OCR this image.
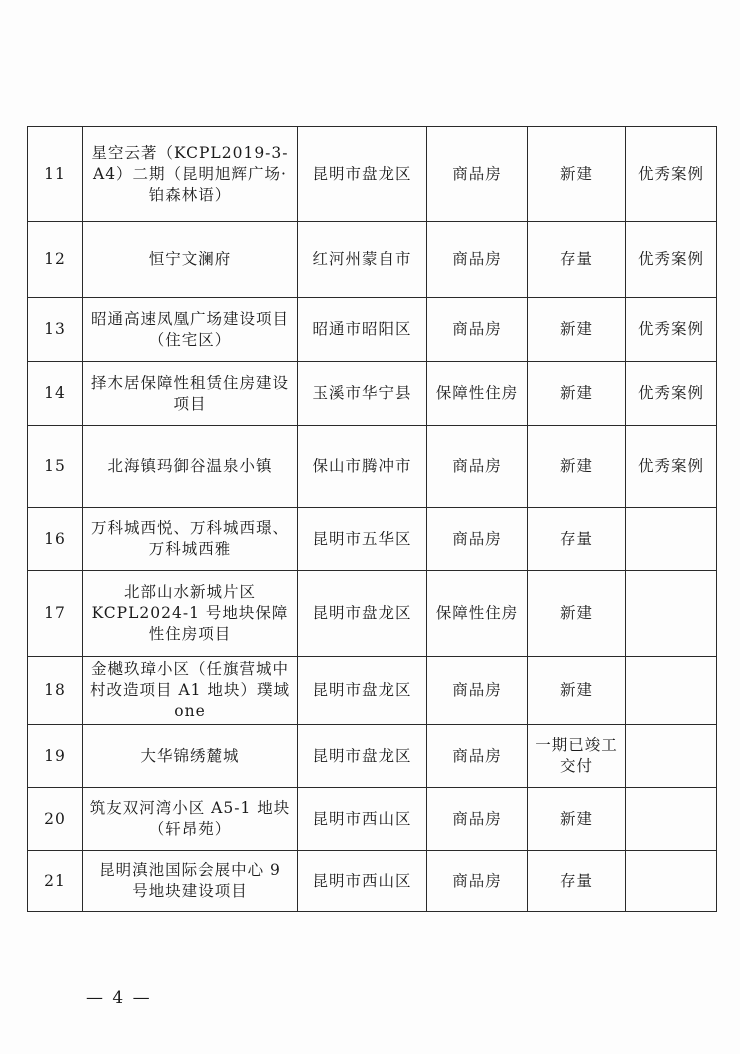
11	星空云著（KCPL2019-3-A4）二期（昆明旭辉广场·铂森林语）	昆明市盘龙区	商品房	新建	优秀案例
12	恒宁文澜府	红河州蒙自市	商品房	存量	优秀案例
13	昭通高速凤凰广场建设项目（住宅区）	昭通市昭阳区	商品房	新建	优秀案例
14	择木居保障性租赁住房建设项目	玉溪市华宁县	保障性住房	新建	优秀案例
15	北海镇玛御谷温泉小镇	保山市腾冲市	商品房	新建	优秀案例
16	万科城西悦、万科城西璟、万科城西雅	昆明市五华区	商品房	存量	
17	北部山水新城片区 KCPL2024-1 号地块保障性住房项目	昆明市盘龙区	保障性住房	新建	
18	金樾玖璋小区（任旗营城中村改造项目 A1 地块）璞域 one	昆明市盘龙区	商品房	新建	
19	大华锦绣麓城	昆明市盘龙区	商品房	一期已竣工交付	
20	筑友双河湾小区 A5-1 地块（轩昂苑）	昆明市西山区	商品房	新建	
21	昆明滇池国际会展中心 9 号地块建设项目	昆明市西山区	商品房	存量	
— 4 —
